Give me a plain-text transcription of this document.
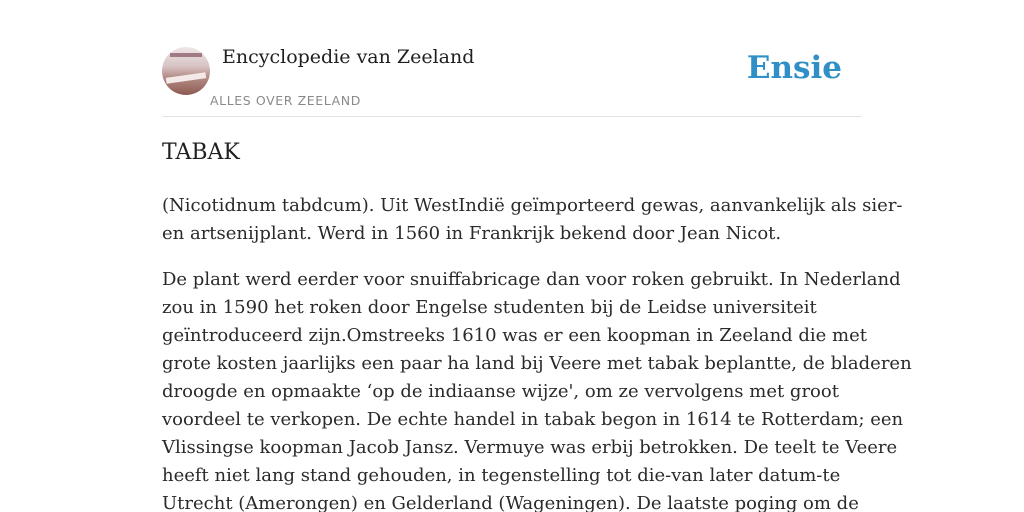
Encyclopedie van Zeeland
ALLES OVER ZEELAND
Ensie
TABAK

(Nicotidnum tabdcum). Uit WestIndië geïmporteerd gewas, aanvankelijk als sier-
en artsenijplant. Werd in 1560 in Frankrijk bekend door Jean Nicot.

De plant werd eerder voor snuiffabricage dan voor roken gebruikt. In Nederland
zou in 1590 het roken door Engelse studenten bij de Leidse universiteit
geïntroduceerd zijn.Omstreeks 1610 was er een koopman in Zeeland die met
grote kosten jaarlijks een paar ha land bij Veere met tabak beplantte, de bladeren
droogde en opmaakte ‘op de indiaanse wijze', om ze vervolgens met groot
voordeel te verkopen. De echte handel in tabak begon in 1614 te Rotterdam; een
Vlissingse koopman Jacob Jansz. Vermuye was erbij betrokken. De teelt te Veere
heeft niet lang stand gehouden, in tegenstelling tot die-van later datum-te
Utrecht (Amerongen) en Gelderland (Wageningen). De laatste poging om de
